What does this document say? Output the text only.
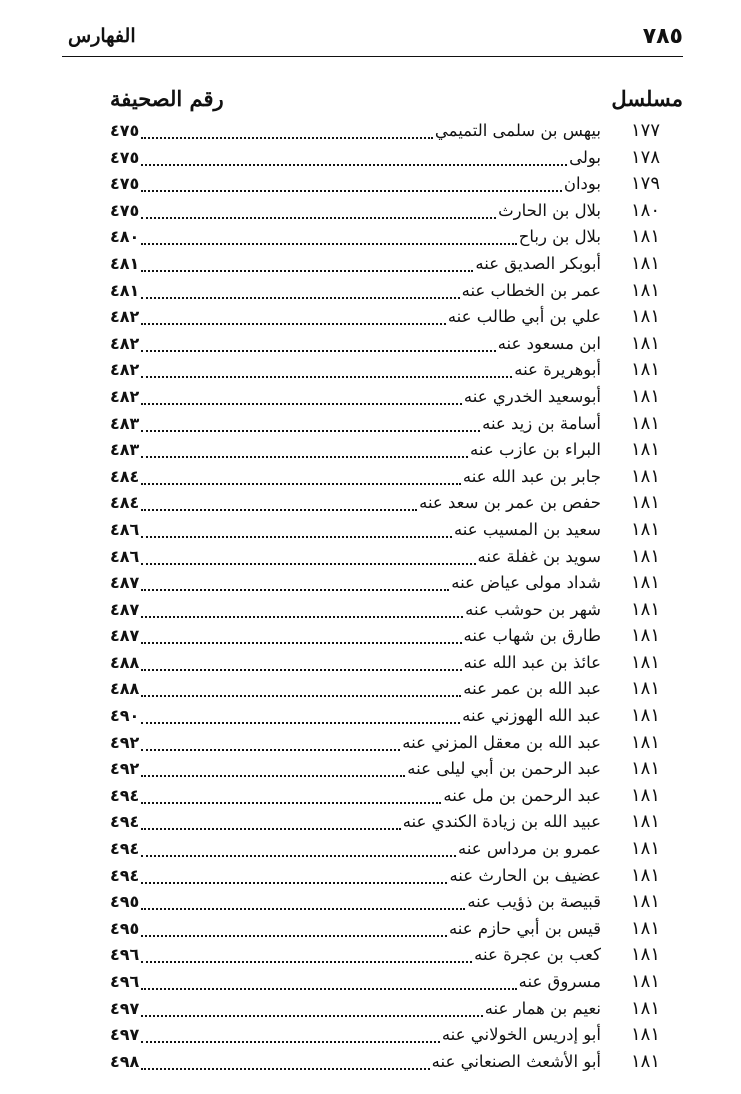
٧٨٥
الفهارس
مسلسل
رقم الصحيفة
١٧٧
بيهس بن سلمى التميمي
٤٧٥
١٧٨
بولى
٤٧٥
١٧٩
بودان
٤٧٥
١٨٠
بلال بن الحارث
٤٧٥
١٨١
بلال بن رباح
٤٨٠
١٨١
أبوبكر الصديق عنه
٤٨١
١٨١
عمر بن الخطاب عنه
٤٨١
١٨١
علي بن أبي طالب عنه
٤٨٢
١٨١
ابن مسعود عنه
٤٨٢
١٨١
أبوهريرة عنه
٤٨٢
١٨١
أبوسعيد الخدري عنه
٤٨٢
١٨١
أسامة بن زيد عنه
٤٨٣
١٨١
البراء بن عازب عنه
٤٨٣
١٨١
جابر بن عبد الله عنه
٤٨٤
١٨١
حفص بن عمر بن سعد عنه
٤٨٤
١٨١
سعيد بن المسيب عنه
٤٨٦
١٨١
سويد بن غفلة عنه
٤٨٦
١٨١
شداد مولى عياض عنه
٤٨٧
١٨١
شهر بن حوشب عنه
٤٨٧
١٨١
طارق بن شهاب عنه
٤٨٧
١٨١
عائذ بن عبد الله عنه
٤٨٨
١٨١
عبد الله بن عمر عنه
٤٨٨
١٨١
عبد الله الهوزني عنه
٤٩٠
١٨١
عبد الله بن معقل المزني عنه
٤٩٢
١٨١
عبد الرحمن بن أبي ليلى عنه
٤٩٢
١٨١
عبد الرحمن بن مل عنه
٤٩٤
١٨١
عبيد الله بن زيادة الكندي عنه
٤٩٤
١٨١
عمرو بن مرداس عنه
٤٩٤
١٨١
عضيف بن الحارث عنه
٤٩٤
١٨١
قبيصة بن ذؤيب عنه
٤٩٥
١٨١
قيس بن أبي حازم عنه
٤٩٥
١٨١
كعب بن عجرة عنه
٤٩٦
١٨١
مسروق عنه
٤٩٦
١٨١
نعيم بن همار عنه
٤٩٧
١٨١
أبو إدريس الخولاني عنه
٤٩٧
١٨١
أبو الأشعث الصنعاني عنه
٤٩٨
